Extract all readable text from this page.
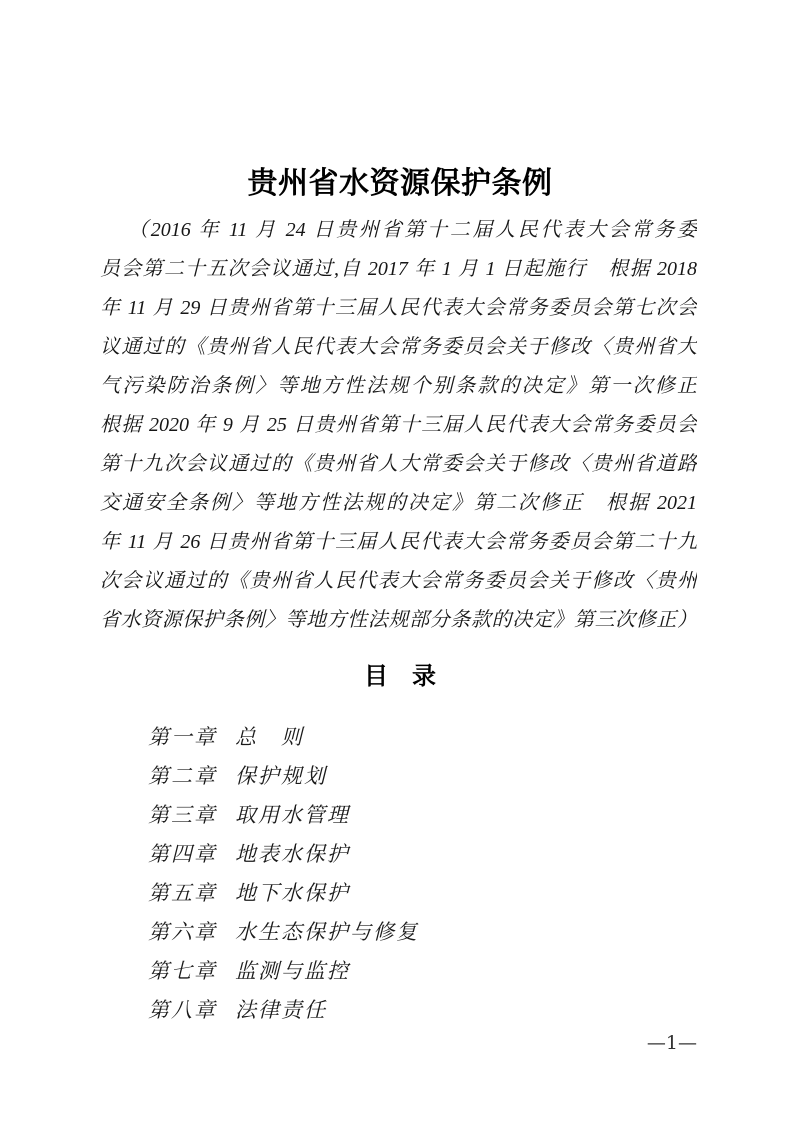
贵州省水资源保护条例
（2016 年 11 月 24 日贵州省第十二届人民代表大会常务委
员会第二十五次会议通过,自 2017 年 1 月 1 日起施行　根据 2018
年 11 月 29 日贵州省第十三届人民代表大会常务委员会第七次会
议通过的《贵州省人民代表大会常务委员会关于修改〈贵州省大
气污染防治条例〉等地方性法规个别条款的决定》第一次修正
根据 2020 年 9 月 25 日贵州省第十三届人民代表大会常务委员会
第十九次会议通过的《贵州省人大常委会关于修改〈贵州省道路
交通安全条例〉等地方性法规的决定》第二次修正　根据 2021
年 11 月 26 日贵州省第十三届人民代表大会常务委员会第二十九
次会议通过的《贵州省人民代表大会常务委员会关于修改〈贵州
省水资源保护条例〉等地方性法规部分条款的决定》第三次修正）
目　录
第一章 总　则
第二章 保护规划
第三章 取用水管理
第四章 地表水保护
第五章 地下水保护
第六章 水生态保护与修复
第七章 监测与监控
第八章 法律责任
—1—
